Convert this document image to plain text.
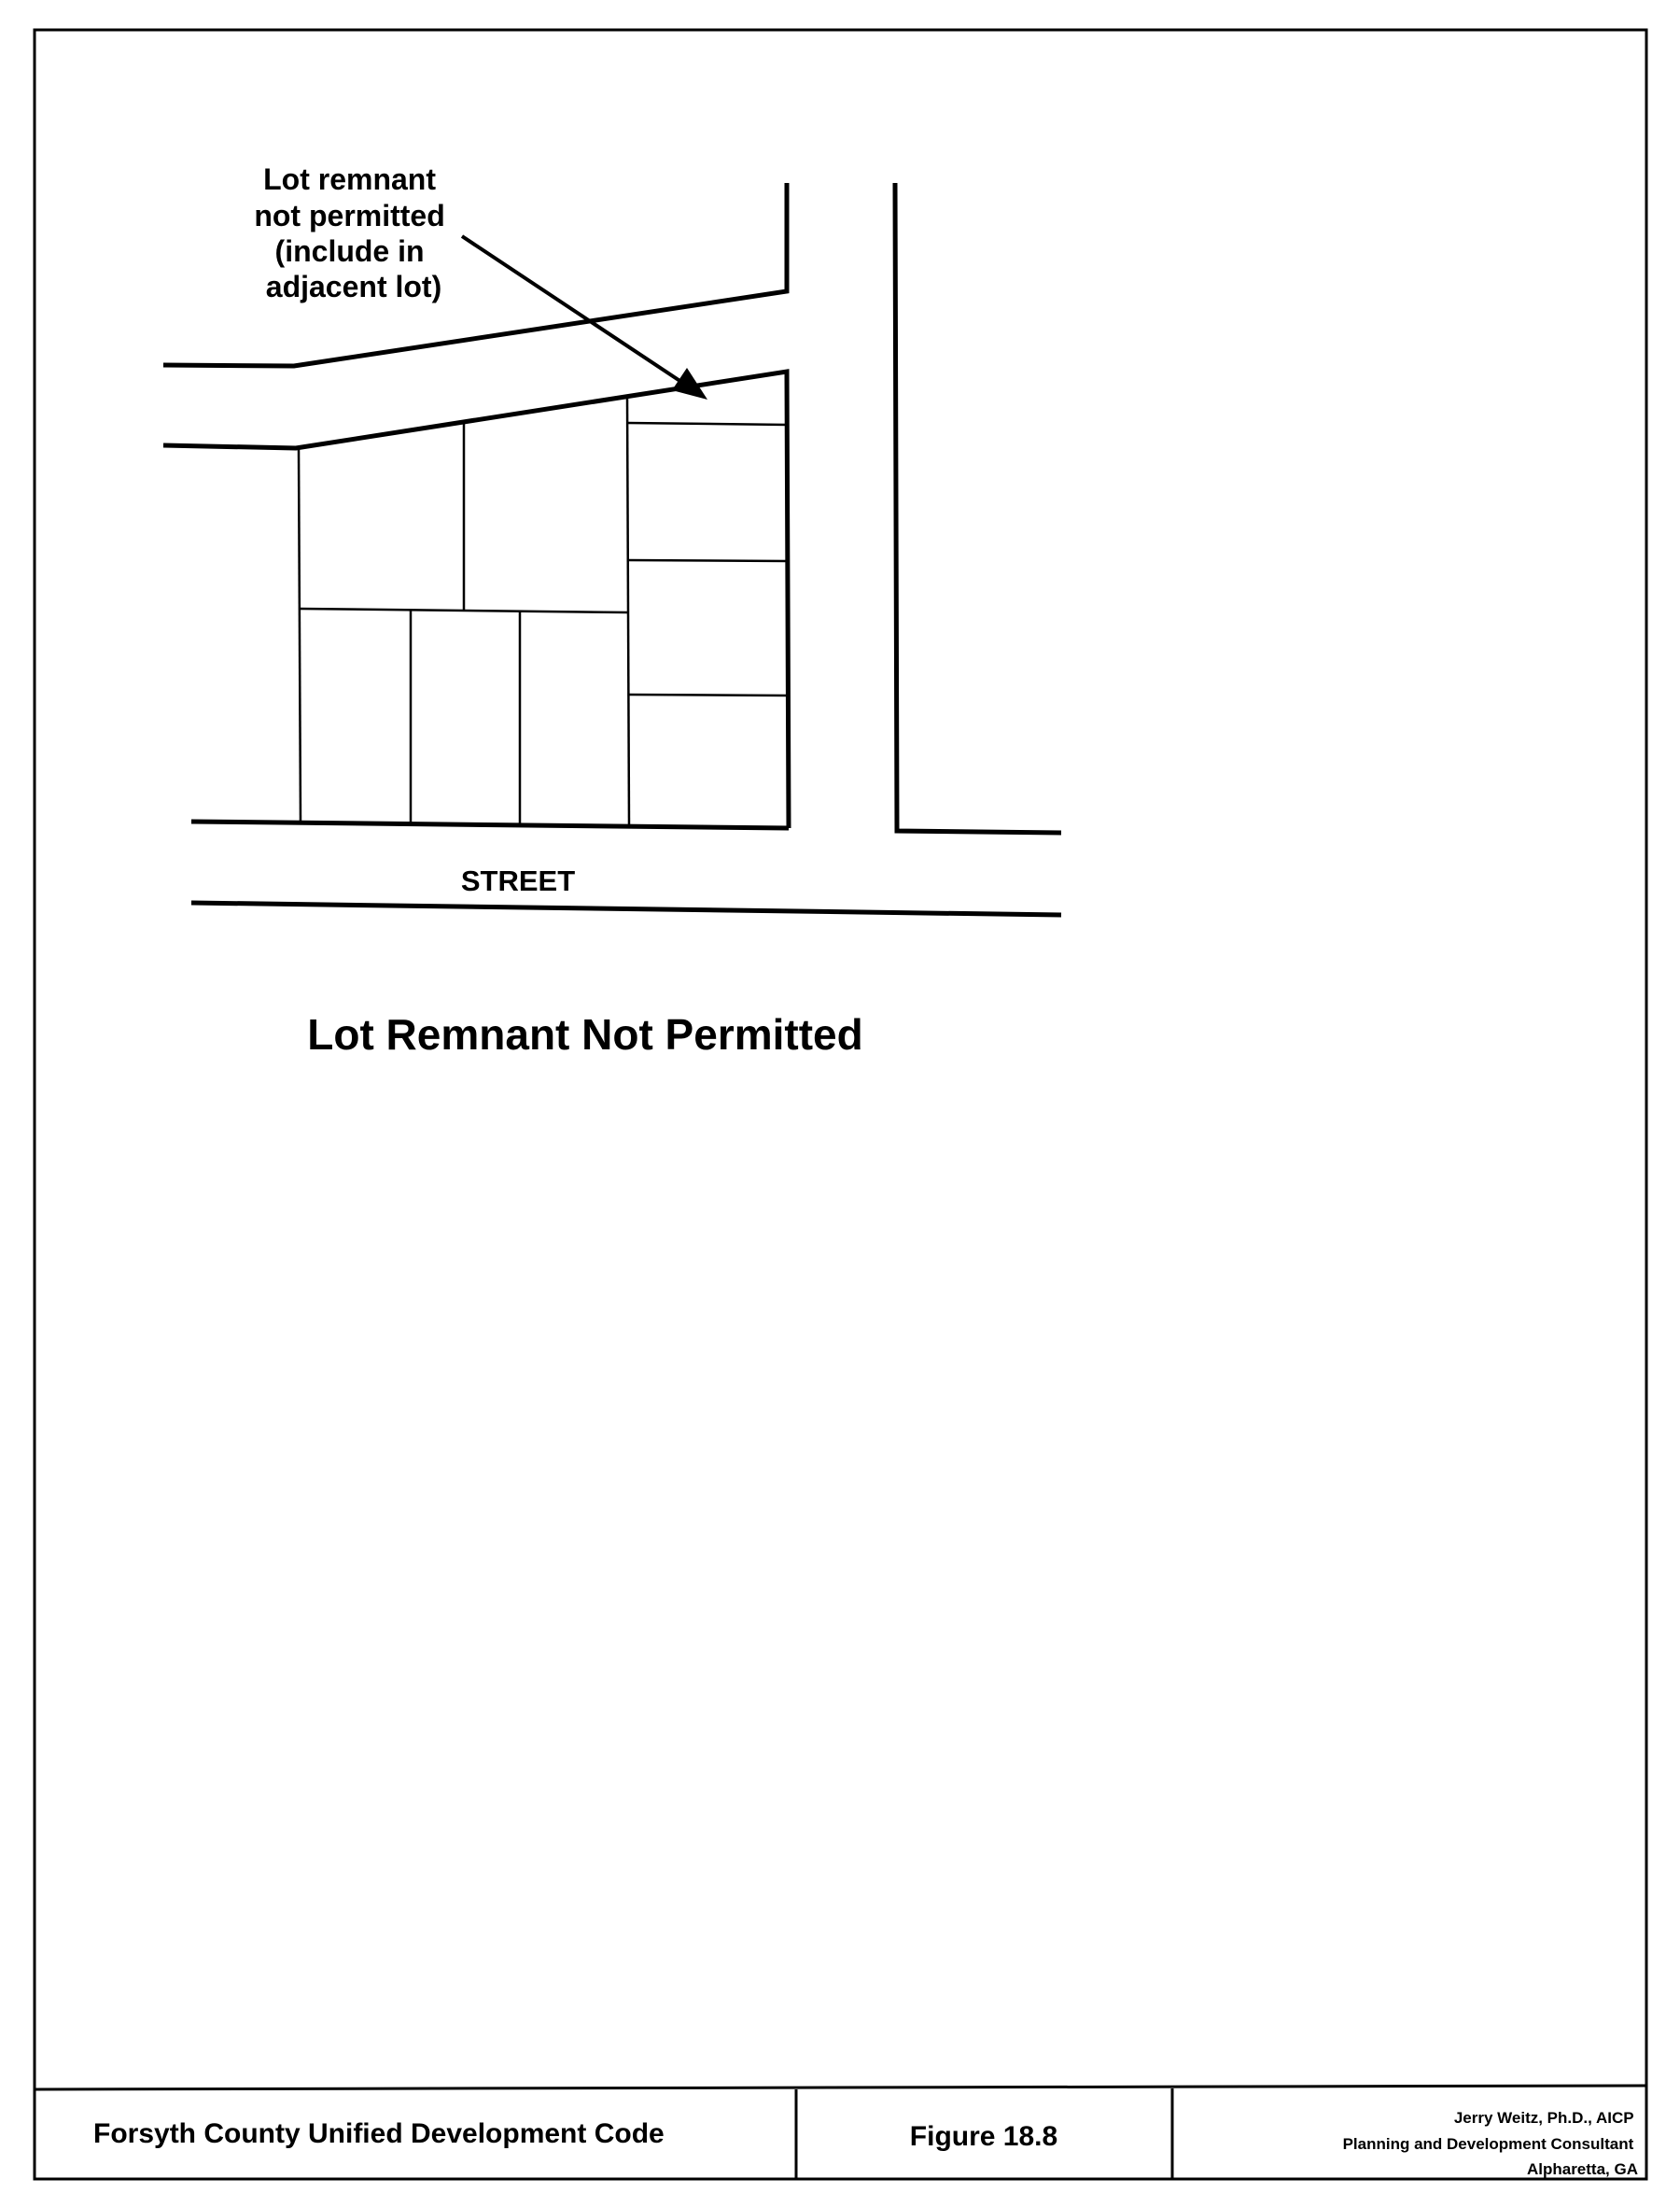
Lot remnant not permitted (include in adjacent lot)
STREET
Lot Remnant Not Permitted
Forsyth County Unified Development Code	Figure 18.8
Jerry Weitz, Ph.D., AICP Planning and Development Consultant Alpharetta, GA
